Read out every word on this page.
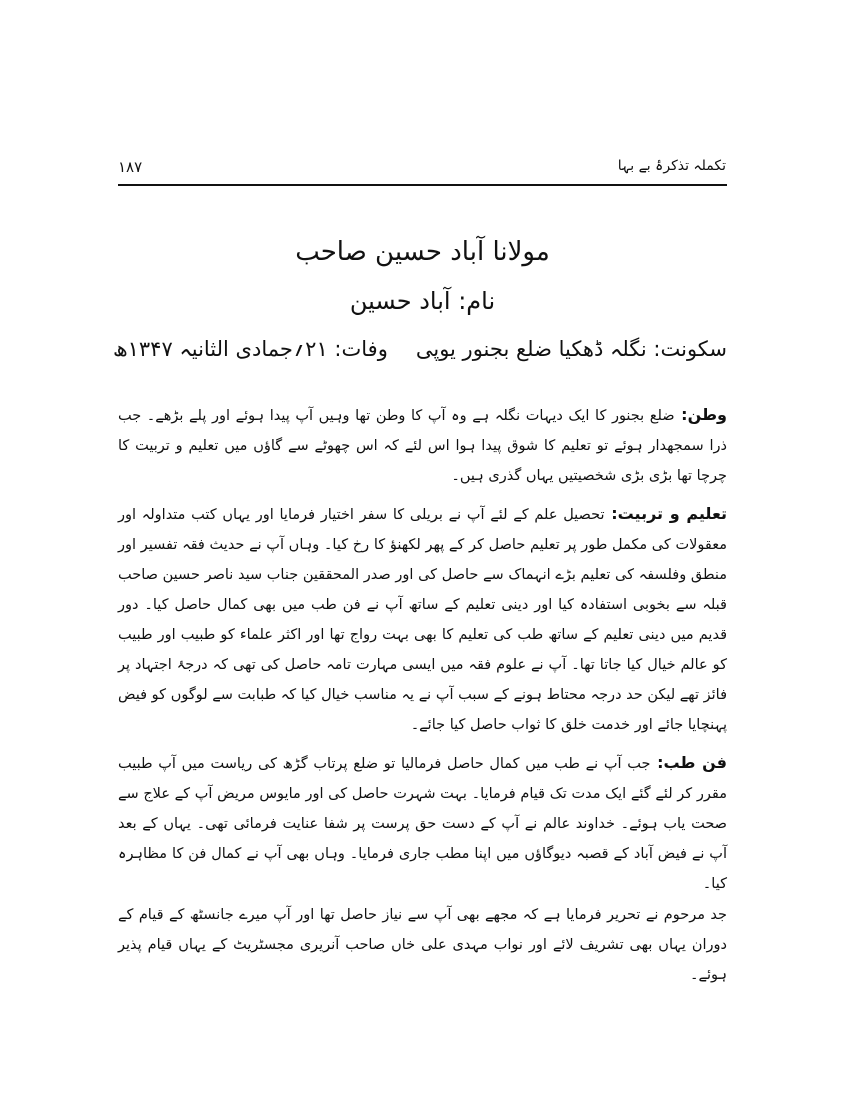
تکملہ تذکرۂ بے بہا
۱۸۷
مولانا آباد حسین صاحب
نام: آباد حسین
سکونت: نگلہ ڈھکیا ضلع بجنور یوپیوفات: ۲۱؍جمادی الثانیہ ۱۳۴۷ھ

وطن: ضلع بجنور کا ایک دیہات نگلہ ہے وہ آپ کا وطن تھا وہیں آپ پیدا ہوئے اور پلے بڑھے۔ جب ذرا سمجھدار ہوئے تو تعلیم کا شوق پیدا ہوا اس لئے کہ اس چھوٹے سے گاؤں میں تعلیم و تربیت کا چرچا تھا بڑی بڑی شخصیتیں یہاں گذری ہیں۔

تعلیم و تربیت: تحصیل علم کے لئے آپ نے بریلی کا سفر اختیار فرمایا اور یہاں کتب متداولہ اور معقولات کی مکمل طور پر تعلیم حاصل کر کے پھر لکھنؤ کا رخ کیا۔ وہاں آپ نے حدیث فقہ تفسیر اور منطق وفلسفہ کی تعلیم بڑے انہماک سے حاصل کی اور صدر المحققین جناب سید ناصر حسین صاحب قبلہ سے بخوبی استفادہ کیا اور دینی تعلیم کے ساتھ آپ نے فن طب میں بھی کمال حاصل کیا۔ دور قدیم میں دینی تعلیم کے ساتھ طب کی تعلیم کا بھی بہت رواج تھا اور اکثر علماء کو طبیب اور طبیب کو عالم خیال کیا جاتا تھا۔ آپ نے علوم فقہ میں ایسی مہارت تامہ حاصل کی تھی کہ درجۂ اجتہاد پر فائز تھے لیکن حد درجہ محتاط ہونے کے سبب آپ نے یہ مناسب خیال کیا کہ طبابت سے لوگوں کو فیض پہنچایا جائے اور خدمت خلق کا ثواب حاصل کیا جائے۔

فن طب: جب آپ نے طب میں کمال حاصل فرمالیا تو ضلع پرتاب گڑھ کی ریاست میں آپ طبیب مقرر کر لئے گئے ایک مدت تک قیام فرمایا۔ بہت شہرت حاصل کی اور مایوس مریض آپ کے علاج سے صحت یاب ہوئے۔ خداوند عالم نے آپ کے دست حق پرست پر شفا عنایت فرمائی تھی۔ یہاں کے بعد آپ نے فیض آباد کے قصبہ دیوگاؤں میں اپنا مطب جاری فرمایا۔ وہاں بھی آپ نے کمال فن کا مظاہرہ کیا۔

جد مرحوم نے تحریر فرمایا ہے کہ مجھے بھی آپ سے نیاز حاصل تھا اور آپ میرے جانسٹھ کے قیام کے دوران یہاں بھی تشریف لائے اور نواب مہدی علی خاں صاحب آنریری مجسٹریٹ کے یہاں قیام پذیر ہوئے۔
